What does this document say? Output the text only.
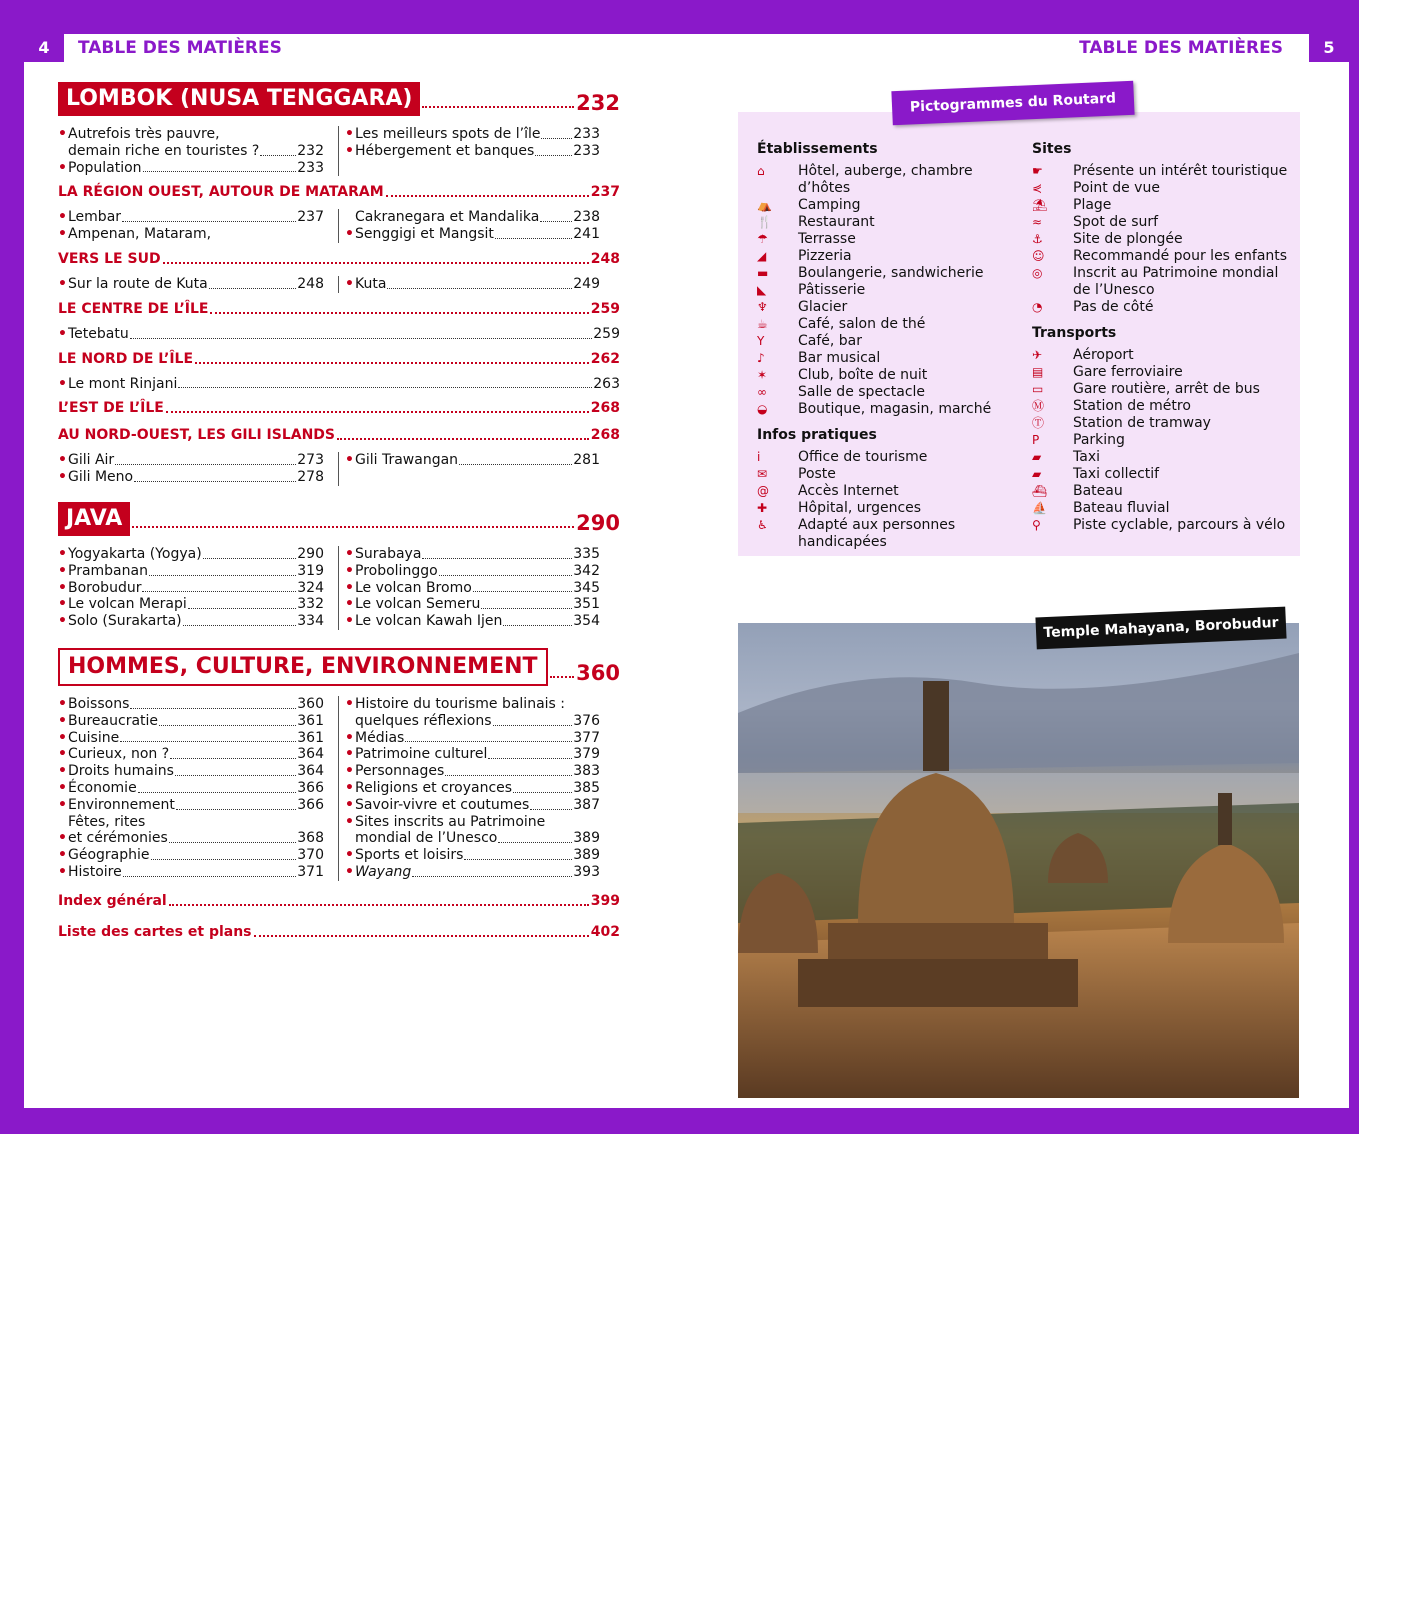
4	TABLE DES MATIÈRES	TABLE DES MATIÈRES	5
LOMBOK (NUSA TENGGARA)	232
• Autrefois très pauvre,
demain riche en touristes ?	232
• Population	233
• Les meilleurs spots de l’île 233
• Hébergement et banques	233
LA RÉGION OUEST, AUTOUR DE MATARAM	237
• Lembar	237
• Ampenan, Mataram,
Cakranegara et Mandalika 238
• Senggigi et Mangsit	241
VERS LE SUD	248
• Sur la route de Kuta	248 • Kuta	249
LE CENTRE DE L’ÎLE	259
• Tetebatu	259
LE NORD DE L’ÎLE	262
• Le mont Rinjani	263
L’EST DE L’ÎLE	268
AU NORD-OUEST, LES GILI ISLANDS	268
• Gili Air	273
• Gili Meno	278
• Gili Trawangan	281
JAVA	290
• Yogyakarta (Yogya)	290
• Prambanan	319
• Borobudur	324
• Le volcan Merapi	332
• Solo (Surakarta)	334
• Surabaya	335
• Probolinggo	342
• Le volcan Bromo	345
• Le volcan Semeru	351
• Le volcan Kawah Ijen	354
HOMMES, CULTURE, ENVIRONNEMENT	360
• Boissons	360
• Bureaucratie	361
• Cuisine	361
• Curieux, non ?	364
• Droits humains	364
• Économie	366
• Environnement	366
Fêtes, rites
• et cérémonies	368
• Géographie	370
• Histoire	371
• Histoire du tourisme balinais :
quelques réflexions	376
• Médias	377
• Patrimoine culturel	379
• Personnages	383
• Religions et croyances	385
• Savoir-vivre et coutumes	387
• Sites inscrits au Patrimoine
mondial de l’Unesco	389
• Sports et loisirs	389
• Wayang	393
Index général	399
Liste des cartes et plans	402
Pictogrammes du Routard
Établissements
⌂	Hôtel, auberge, chambre d’hôtes
⛺	Camping
🍴	Restaurant
☂	Terrasse
◢	Pizzeria
▬	Boulangerie, sandwicherie
◣	Pâtisserie
♆	Glacier
☕	Café, salon de thé
Y	Café, bar
♪	Bar musical
✶	Club, boîte de nuit
∞	Salle de spectacle
◒	Boutique, magasin, marché
Infos pratiques
i	Office de tourisme
✉	Poste
@	Accès Internet
✚	Hôpital, urgences
♿	Adapté aux personnes
handicapées
Sites
☛	Présente un intérêt touristique
⋞	Point de vue
⛱	Plage
≈	Spot de surf
⚓	Site de plongée
☺	Recommandé pour les enfants
◎	Inscrit au Patrimoine mondial
de l’Unesco
◔	Pas de côté
Transports
✈	Aéroport
▤	Gare ferroviaire
▭	Gare routière, arrêt de bus
Ⓜ	Station de métro
Ⓣ	Station de tramway
P	Parking
▰	Taxi
▰	Taxi collectif
⛴	Bateau
⛵	Bateau fluvial
⚲	Piste cyclable, parcours à vélo
© Ivan Vdovin / Alamy / Hemis
Temple Mahayana, Borobudur
